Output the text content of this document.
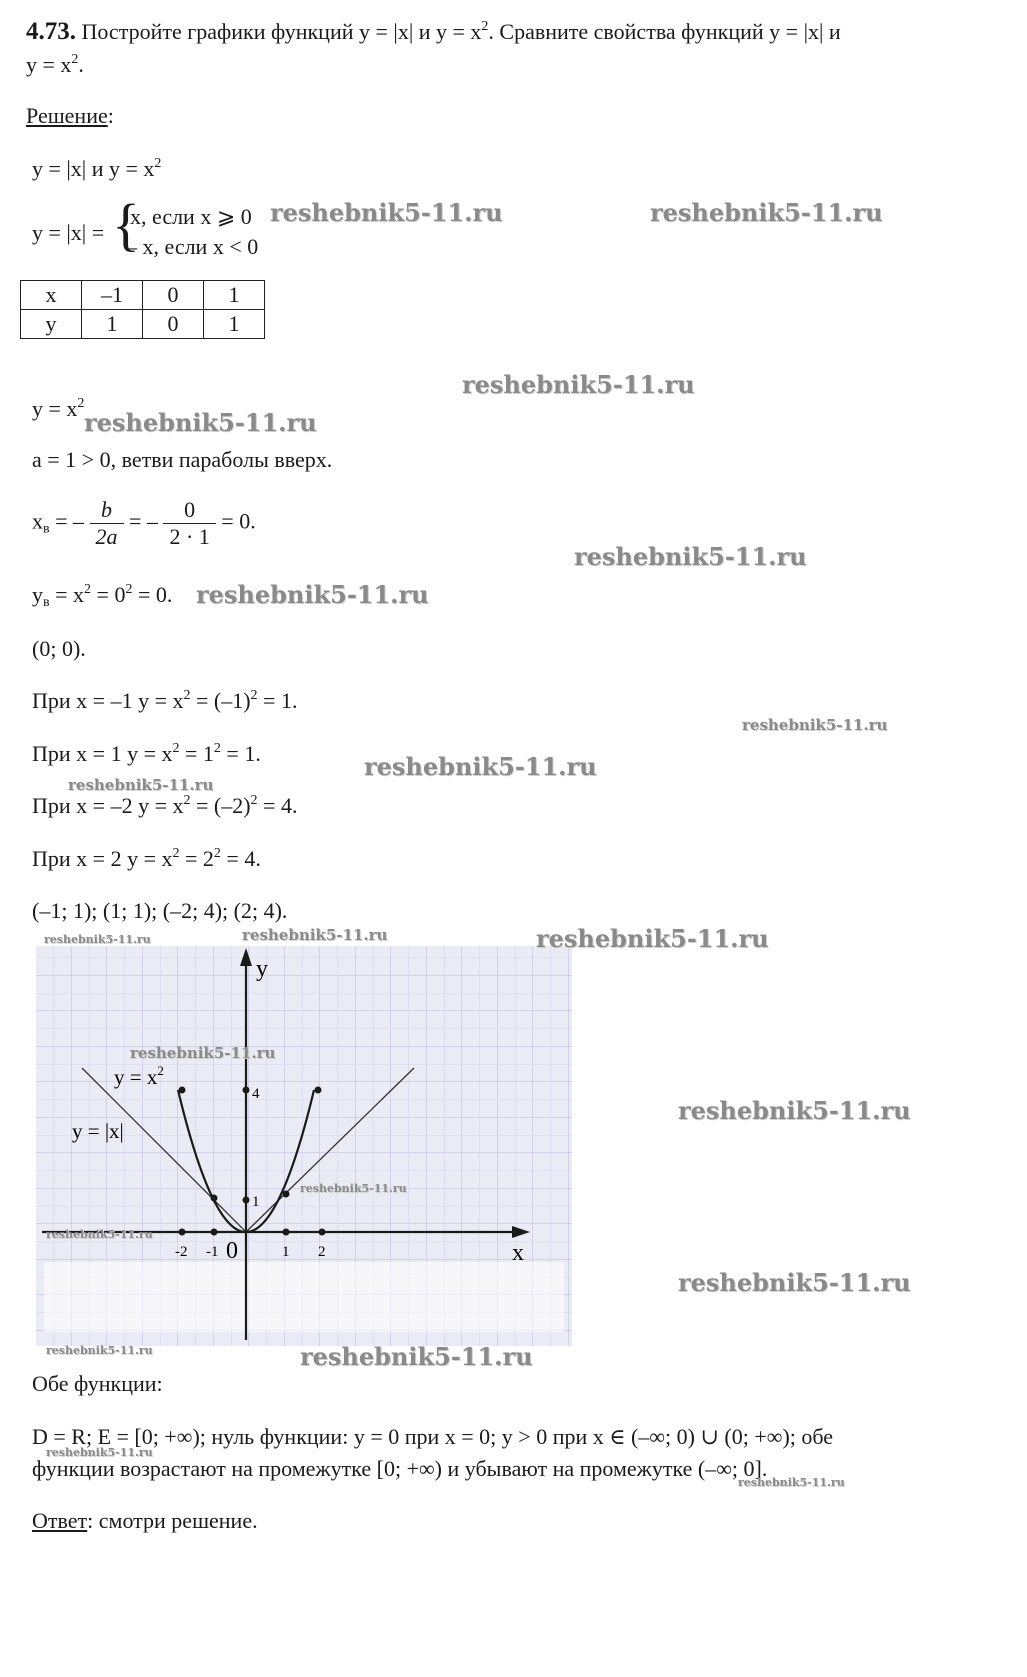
4.73. Постройте графики функций y = |x| и $y = x^2$. Сравните свойства функций y = |x| и
$y = x^2$.
Решение:
y = |x| и $y = x^2$
y = |x| = {
x, если x ⩾ 0
– x, если x < 0
x	–1	0	1
y	1	0	1
$y = x^2$
a = 1 > 0, ветви параболы вверх.
$x_в$ = – $\frac{b}{2a}$ = – $\frac{0}{2 \cdot 1} = 0$.
$y_в = x^2 = 0^2 = 0$.
(0; 0).
При x = –1 $y = x^2 = (-1)^2 = 1$.
При x = 1 $y = x^2 = 1^2 = 1$.
При x = –2 $y = x^2 = (-2)^2 = 4$.
При x = 2 $y = x^2 = 2^2 = 4$.
(–1; 1); (1; 1); (–2; 4); (2; 4).
y
x
4
1
-2 -1 0	1 2
$y = x^2$
y = |x|
Обе функции:
D = R; E = [0; +∞); нуль функции: y = 0 при x = 0; y > 0 при x ∈ (–∞; 0) ∪ (0; +∞); обе
функции возрастают на промежутке [0; +∞) и убывают на промежутке (–∞; 0].
Ответ: смотри решение.
reshebnik5-11.ru	reshebnik5-11.ru
reshebnik5-11.ru
reshebnik5-11.ru
reshebnik5-11.ru
reshebnik5-11.ru
reshebnik5-11.ru
reshebnik5-11.ru
reshebnik5-11.ru
reshebnik5-11.ru	reshebnik5-11.ru	reshebnik5-11.ru
reshebnik5-11.ru
reshebnik5-11.ru
reshebnik5-11.ru
reshebnik5-11.ru
reshebnik5-11.ru
reshebnik5-11.ru	reshebnik5-11.ru
reshebnik5-11.ru
reshebnik5-11.ru
